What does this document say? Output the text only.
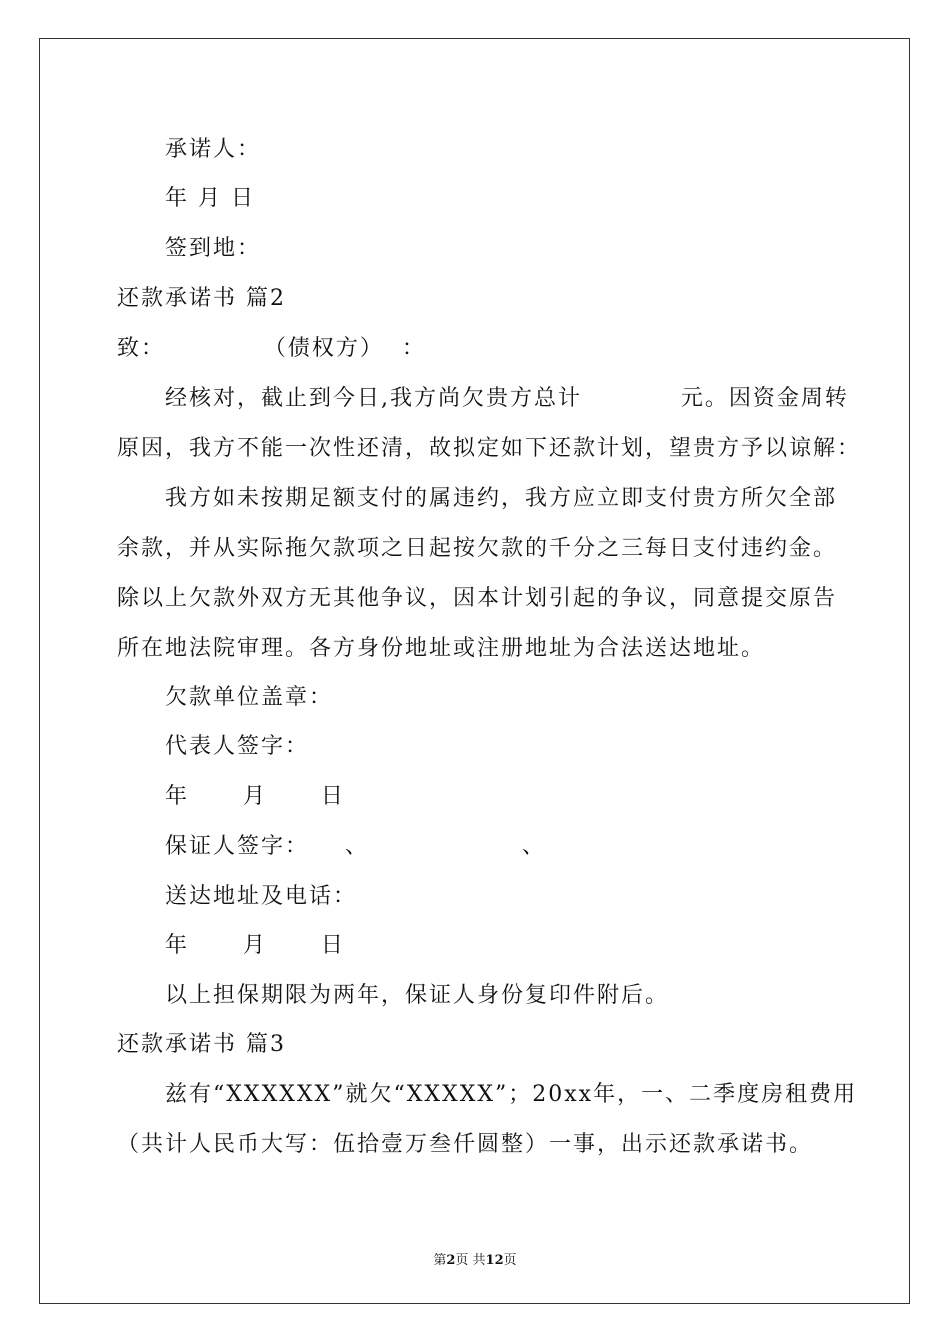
承诺人：
年 月 日
签到地：
还款承诺书 篇2
致：           （债权方）  ：
经核对，截止到今日,我方尚欠贵方总计           元。因资金周转
原因，我方不能一次性还清，故拟定如下还款计划，望贵方予以谅解：
我方如未按期足额支付的属违约，我方应立即支付贵方所欠全部
余款，并从实际拖欠款项之日起按欠款的千分之三每日支付违约金。
除以上欠款外双方无其他争议，因本计划引起的争议，同意提交原告
所在地法院审理。各方身份地址或注册地址为合法送达地址。
欠款单位盖章：
代表人签字：
年      月      日
保证人签字：    、                 、
送达地址及电话：
年      月      日
以上担保期限为两年，保证人身份复印件附后。
还款承诺书 篇3
兹有“XXXXXX”就欠“XXXXX”；20xx年，一、二季度房租费用
（共计人民币大写：伍拾壹万叁仟圆整）一事，出示还款承诺书。
第2页 共12页
